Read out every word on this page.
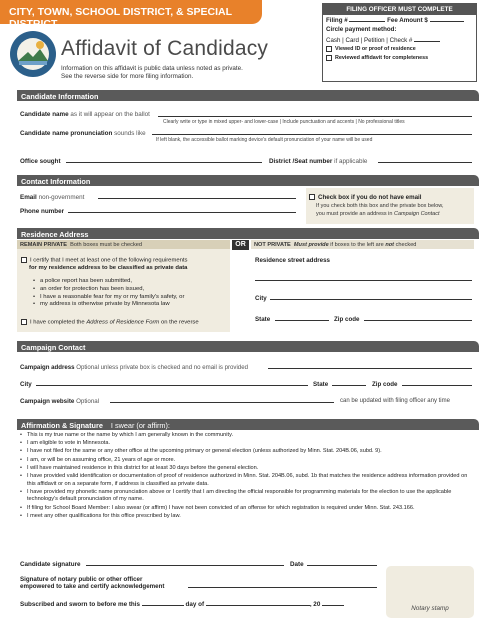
CITY, TOWN, SCHOOL DISTRICT, & SPECIAL DISTRICT
Affidavit of Candidacy
Information on this affidavit is public data unless noted as private.
See the reverse side for more filing information.
FILING OFFICER MUST COMPLETE
Filing #	Fee Amount $
Circle payment method:
Cash | Card | Petition | Check #
Viewed ID or proof of residence
Reviewed affidavit for completeness
Candidate Information
Candidate name as it will appear on the ballot
Clearly write or type in mixed upper- and lower-case | Include punctuation and accents | No professional titles
Candidate name pronunciation sounds like
If left blank, the accessible ballot marking device's default pronunciation of your name will be used
Office sought	District /Seat number if applicable
Contact Information
Email non-government
Phone number
Check box if you do not have email
If you check both this box and the private box below,
you must provide an address in Campaign Contact
Residence Address
REMAIN PRIVATE Both boxes must be checked	OR	NOT PRIVATE Must provide if boxes to the left are not checked
I certify that I meet at least one of the following requirements
for my residence address to be classified as private data
• a police report has been submitted,
• an order for protection has been issued,
• I have a reasonable fear for my or my family's safety, or
• my address is otherwise private by Minnesota law
I have completed the Address of Residence Form on the reverse
Residence street address
City
State	Zip code
Campaign Contact
Campaign address Optional unless private box is checked and no email is provided
City	State	Zip code
Campaign website Optional	can be updated with filing officer any time
Affirmation & Signature I swear (or affirm):
• This is my true name or the name by which I am generally known in the community.
• I am eligible to vote in Minnesota.
• I have not filed for the same or any other office at the upcoming primary or general election (unless authorized by Minn. Stat. 204B.06, subd. 9).
• I am, or will be on assuming office, 21 years of age or more.
• I will have maintained residence in this district for at least 30 days before the general election.
• I have provided valid identification or documentation of proof of residence authorized in Minn. Stat. 204B.06, subd. 1b that matches the residence address information provided on this affidavit or on a separate form, if address is classified as private data.
• I have provided my phonetic name pronunciation above or I certify that I am directing the official responsible for programming materials for the election to use the applicable technology's default pronunciation of my name.
• If filing for School Board Member: I also swear (or affirm) I have not been convicted of an offense for which registration is required under Minn. Stat. 243.166.
• I meet any other qualifications for this office prescribed by law.
Candidate signature	Date
Signature of notary public or other officer
empowered to take and certify acknowledgement
Subscribed and sworn to before me this	day of	, 20
Notary stamp
